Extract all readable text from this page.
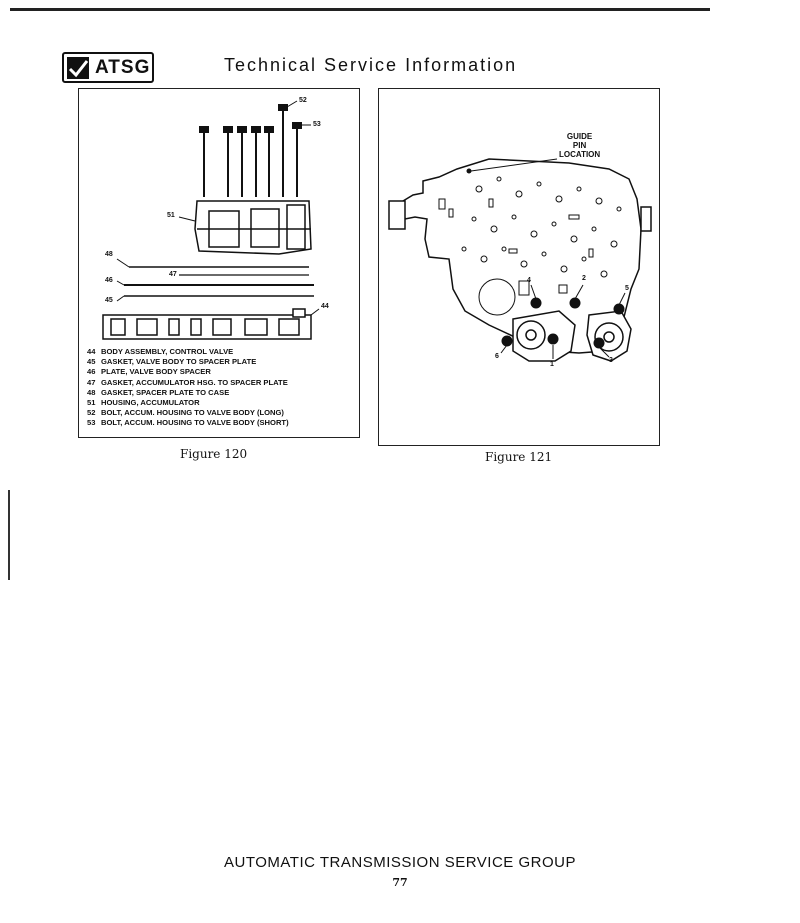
ATSG	Technical Service Information
52
53
51
48
47
46
45
44
44 BODY ASSEMBLY, CONTROL VALVE
45 GASKET, VALVE BODY TO SPACER PLATE
46 PLATE, VALVE BODY SPACER
47 GASKET, ACCUMULATOR HSG. TO SPACER PLATE
48 GASKET, SPACER PLATE TO CASE
51 HOUSING, ACCUMULATOR
52 BOLT, ACCUM. HOUSING TO VALVE BODY (LONG)
53 BOLT, ACCUM. HOUSING TO VALVE BODY (SHORT)
Figure 120
GUIDE
PIN
LOCATION
1
2
3
4
5
6
Figure 121
AUTOMATIC TRANSMISSION SERVICE GROUP
77
